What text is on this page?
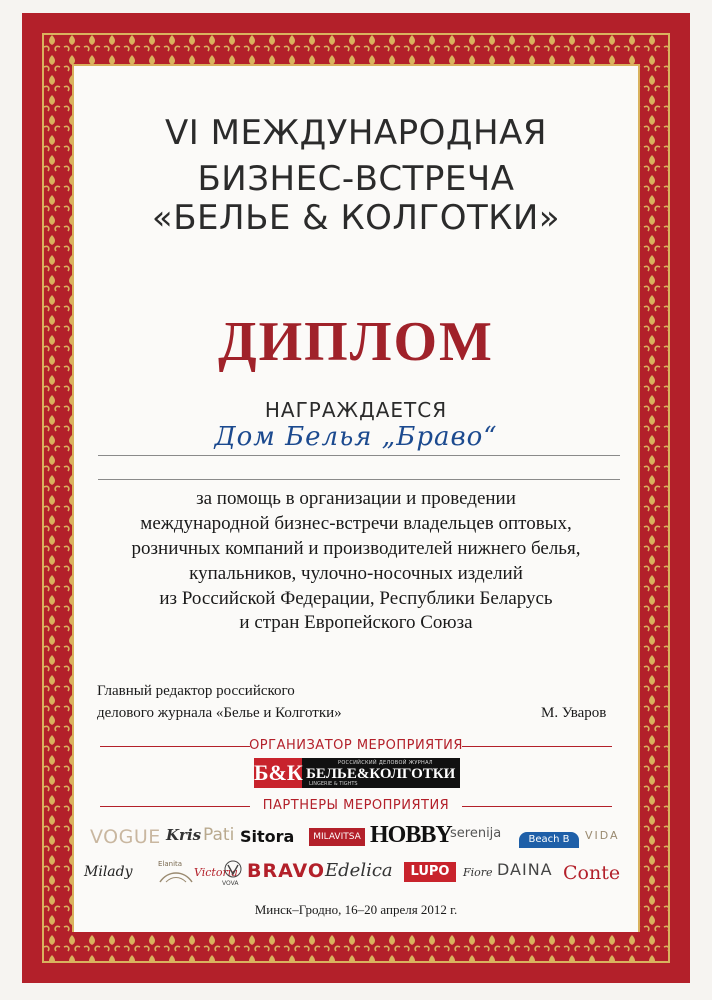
VI МЕЖДУНАРОДНАЯ
БИЗНЕС-ВСТРЕЧА
«БЕЛЬЕ & КОЛГОТКИ»
ДИПЛОМ
НАГРАЖДАЕТСЯ
Дом Белья „Браво“
за помощь в организации и проведении
международной бизнес-встречи владельцев оптовых,
розничных компаний и производителей нижнего белья,
купальников, чулочно-носочных изделий
из Российской Федерации, Республики Беларусь
и стран Европейского Союза
Главный редактор российского
делового журнала «Белье и Колготки»	М. Уваров
ОРГАНИЗАТОР МЕРОПРИЯТИЯ
Б&К	РОССИЙСКИЙ ДЕЛОВОЙ ЖУРНАЛ
БЕЛЬЕ&КОЛГОТКИ
LINGERIE & TIGHTS
ПАРТНЕРЫ МЕРОПРИЯТИЯ
VOGUE Kris Pati Sitora	MILAVITSA HOBBY
serenija	Beach B	VIDA
Milady	Elanita
Victoria
VOVA
BRAVO Edelica	LUPO	Fiore DAINA Conte
Минск–Гродно, 16–20 апреля 2012 г.
